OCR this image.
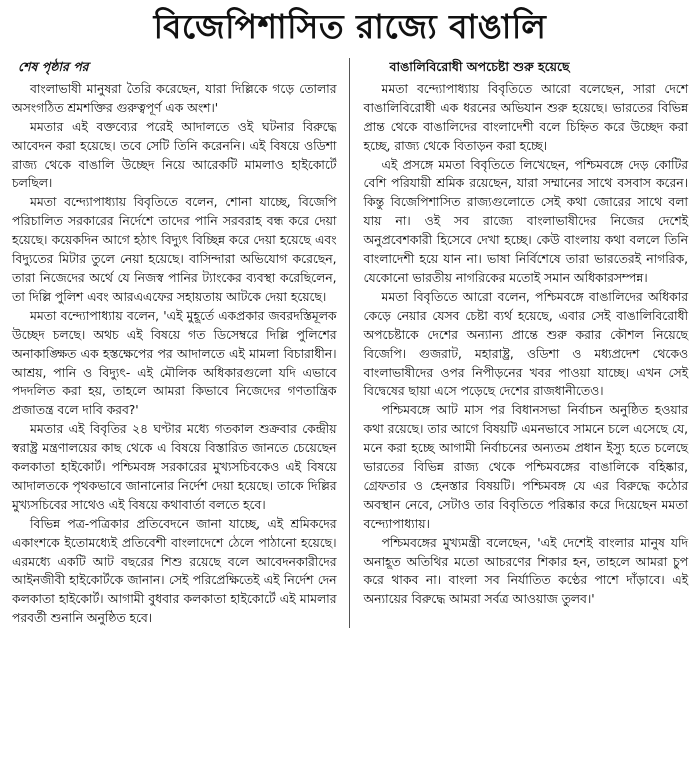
বিজেপিশাসিত রাজ্যে বাঙালি
শেষ পৃষ্ঠার পর

বাংলাভাষী মানুষরা তৈরি করেছেন, যারা দিল্লিকে গড়ে তোলার অসংগঠিত শ্রমশক্তির গুরুত্বপূর্ণ এক অংশ।'

মমতার এই বক্তব্যের পরেই আদালতে ওই ঘটনার বিরুদ্ধে আবেদন করা হয়েছে। তবে সেটি তিনি করেননি। এই বিষয়ে ওডিশা রাজ্য থেকে বাঙালি উচ্ছেদ নিয়ে আরেকটি মামলাও হাইকোর্টে চলছিল।

মমতা বন্দ্যোপাধ্যায় বিবৃতিতে বলেন, শোনা যাচ্ছে, বিজেপি পরিচালিত সরকারের নির্দেশে তাদের পানি সরবরাহ বন্ধ করে দেয়া হয়েছে। কয়েকদিন আগে হঠাৎ বিদ্যুৎ বিচ্ছিন্ন করে দেয়া হয়েছে এবং বিদ্যুতের মিটার তুলে নেয়া হয়েছে। বাসিন্দারা অভিযোগ করেছেন, তারা নিজেদের অর্থে যে নিজস্ব পানির ট্যাংকের ব্যবস্থা করেছিলেন, তা দিল্লি পুলিশ এবং আরএএফের সহায়তায় আটকে দেয়া হয়েছে।

মমতা বন্দ্যোপাধ্যায় বলেন, 'এই মুহূর্তে একপ্রকার জবরদস্তিমূলক উচ্ছেদ চলছে। অথচ এই বিষয়ে গত ডিসেম্বরে দিল্লি পুলিশের অনাকাঙ্ক্ষিত এক হস্তক্ষেপের পর আদালতে এই মামলা বিচারাধীন। আশ্রয়, পানি ও বিদ্যুৎ- এই মৌলিক অধিকারগুলো যদি এভাবে পদদলিত করা হয়, তাহলে আমরা কিভাবে নিজেদের গণতান্ত্রিক প্রজাতন্ত্র বলে দাবি করব?'

মমতার এই বিবৃতির ২৪ ঘণ্টার মধ্যে গতকাল শুক্রবার কেন্দ্রীয় স্বরাষ্ট্র মন্ত্রণালয়ের কাছ থেকে এ বিষয়ে বিস্তারিত জানতে চেয়েছেন কলকাতা হাইকোর্ট। পশ্চিমবঙ্গ সরকারের মুখ্যসচিবকেও এই বিষয়ে আদালতকে পৃথকভাবে জানানোর নির্দেশ দেয়া হয়েছে। তাকে দিল্লির মুখ্যসচিবের সাথেও এই বিষয়ে কথাবার্তা বলতে হবে।

বিভিন্ন পত্র-পত্রিকার প্রতিবেদনে জানা যাচ্ছে, এই শ্রমিকদের একাংশকে ইতোমধ্যেই প্রতিবেশী বাংলাদেশে ঠেলে পাঠানো হয়েছে। এরমধ্যে একটি আট বছরের শিশু রয়েছে বলে আবেদনকারীদের আইনজীবী হাইকোর্টকে জানান। সেই পরিপ্রেক্ষিতেই এই নির্দেশ দেন কলকাতা হাইকোর্ট। আগামী বুধবার কলকাতা হাইকোর্টে এই মামলার পরবর্তী শুনানি অনুষ্ঠিত হবে।

বাঙালিবিরোধী অপচেষ্টা শুরু হয়েছে

মমতা বন্দ্যোপাধ্যায় বিবৃতিতে আরো বলেছেন, সারা দেশে বাঙালিবিরোধী এক ধরনের অভিযান শুরু হয়েছে। ভারতের বিভিন্ন প্রান্ত থেকে বাঙালিদের বাংলাদেশী বলে চিহ্নিত করে উচ্ছেদ করা হচ্ছে, রাজ্য থেকে বিতাড়ন করা হচ্ছে।

এই প্রসঙ্গে মমতা বিবৃতিতে লিখেছেন, পশ্চিমবঙ্গে দেড় কোটির বেশি পরিযায়ী শ্রমিক রয়েছেন, যারা সম্মানের সাথে বসবাস করেন। কিন্তু বিজেপিশাসিত রাজ্যগুলোতে সেই কথা জোরের সাথে বলা যায় না। ওই সব রাজ্যে বাংলাভাষীদের নিজের দেশেই অনুপ্রবেশকারী হিসেবে দেখা হচ্ছে। কেউ বাংলায় কথা বললে তিনি বাংলাদেশী হয়ে যান না। ভাষা নির্বিশেষে তারা ভারতেরই নাগরিক, যেকোনো ভারতীয় নাগরিকের মতোই সমান অধিকারসম্পন্ন।

মমতা বিবৃতিতে আরো বলেন, পশ্চিমবঙ্গে বাঙালিদের অধিকার কেড়ে নেয়ার যেসব চেষ্টা ব্যর্থ হয়েছে, এবার সেই বাঙালিবিরোধী অপচেষ্টাকে দেশের অন্যান্য প্রান্তে শুরু করার কৌশল নিয়েছে বিজেপি। গুজরাট, মহারাষ্ট্র, ওডিশা ও মধ্যপ্রদেশ থেকেও বাংলাভাষীদের ওপর নিপীড়নের খবর পাওয়া যাচ্ছে। এখন সেই বিদ্বেষের ছায়া এসে পড়েছে দেশের রাজধানীতেও।

পশ্চিমবঙ্গে আট মাস পর বিধানসভা নির্বাচন অনুষ্ঠিত হওয়ার কথা রয়েছে। তার আগে বিষয়টি এমনভাবে সামনে চলে এসেছে যে, মনে করা হচ্ছে আগামী নির্বাচনের অন্যতম প্রধান ইস্যু হতে চলেছে ভারতের বিভিন্ন রাজ্য থেকে পশ্চিমবঙ্গের বাঙালিকে বহিষ্কার, গ্রেফতার ও হেনস্তার বিষয়টি। পশ্চিমবঙ্গ যে এর বিরুদ্ধে কঠোর অবস্থান নেবে, সেটাও তার বিবৃতিতে পরিষ্কার করে দিয়েছেন মমতা বন্দ্যোপাধ্যায়।

পশ্চিমবঙ্গের মুখ্যমন্ত্রী বলেছেন, 'এই দেশেই বাংলার মানুষ যদি অনাহূত অতিথির মতো আচরণের শিকার হন, তাহলে আমরা চুপ করে থাকব না। বাংলা সব নির্যাতিত কণ্ঠের পাশে দাঁড়াবে। এই অন্যায়ের বিরুদ্ধে আমরা সর্বত্র আওয়াজ তুলব।'
